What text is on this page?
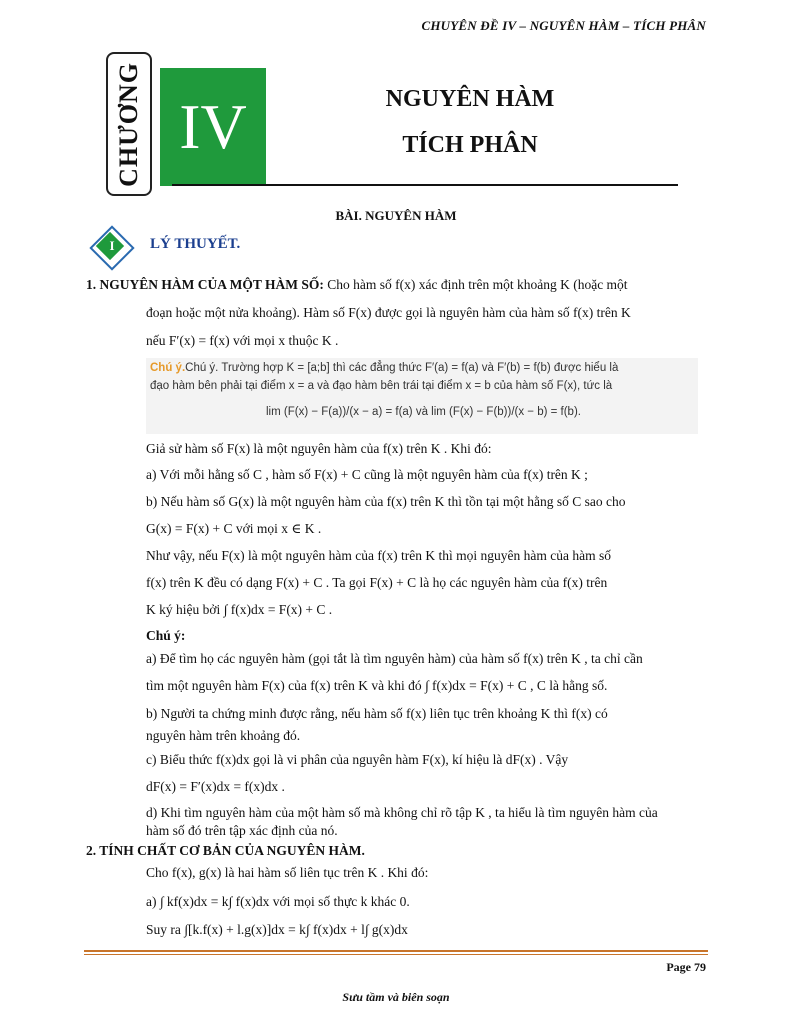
CHUYÊN ĐỀ IV – NGUYÊN HÀM – TÍCH PHÂN
CHƯƠNG IV	NGUYÊN HÀM
TÍCH PHÂN
BÀI. NGUYÊN HÀM
I	LÝ THUYẾT.
1. NGUYÊN HÀM CỦA MỘT HÀM SỐ: Cho hàm số f(x) xác định trên một khoảng K (hoặc một
đoạn hoặc một nửa khoảng). Hàm số F(x) được gọi là nguyên hàm của hàm số f(x) trên K
nếu F′(x) = f(x) với mọi x thuộc K .
Chú ý.Chú ý. Trường hợp K = [a;b] thì các đẳng thức F′(a) = f(a) và F′(b) = f(b) được hiểu là
đạo hàm bên phải tại điểm x = a và đạo hàm bên trái tại điểm x = b của hàm số F(x), tức là
lim (F(x) − F(a))/(x − a) = f(a) và lim (F(x) − F(b))/(x − b) = f(b).
Giả sử hàm số F(x) là một nguyên hàm của f(x) trên K . Khi đó:
a) Với mỗi hằng số C , hàm số F(x) + C cũng là một nguyên hàm của f(x) trên K ;
b) Nếu hàm số G(x) là một nguyên hàm của f(x) trên K thì tồn tại một hằng số C sao cho
G(x) = F(x) + C với mọi x ∈ K .
Như vậy, nếu F(x) là một nguyên hàm của f(x) trên K thì mọi nguyên hàm của hàm số
f(x) trên K đều có dạng F(x) + C . Ta gọi F(x) + C là họ các nguyên hàm của f(x) trên
K ký hiệu bởi ∫ f(x)dx = F(x) + C .
Chú ý:
a) Để tìm họ các nguyên hàm (gọi tắt là tìm nguyên hàm) của hàm số f(x) trên K , ta chỉ cần
tìm một nguyên hàm F(x) của f(x) trên K và khi đó ∫ f(x)dx = F(x) + C , C là hằng số.
b) Người ta chứng minh được rằng, nếu hàm số f(x) liên tục trên khoảng K thì f(x) có
nguyên hàm trên khoảng đó.
c) Biểu thức f(x)dx gọi là vi phân của nguyên hàm F(x), kí hiệu là dF(x) . Vậy
dF(x) = F′(x)dx = f(x)dx .
d) Khi tìm nguyên hàm của một hàm số mà không chỉ rõ tập K , ta hiểu là tìm nguyên hàm của
hàm số đó trên tập xác định của nó.
2. TÍNH CHẤT CƠ BẢN CỦA NGUYÊN HÀM.
Cho f(x), g(x) là hai hàm số liên tục trên K . Khi đó:
a) ∫ kf(x)dx = k∫ f(x)dx với mọi số thực k khác 0.
Suy ra ∫[k.f(x) + l.g(x)]dx = k∫ f(x)dx + l∫ g(x)dx
Page 79
Sưu tầm và biên soạn
